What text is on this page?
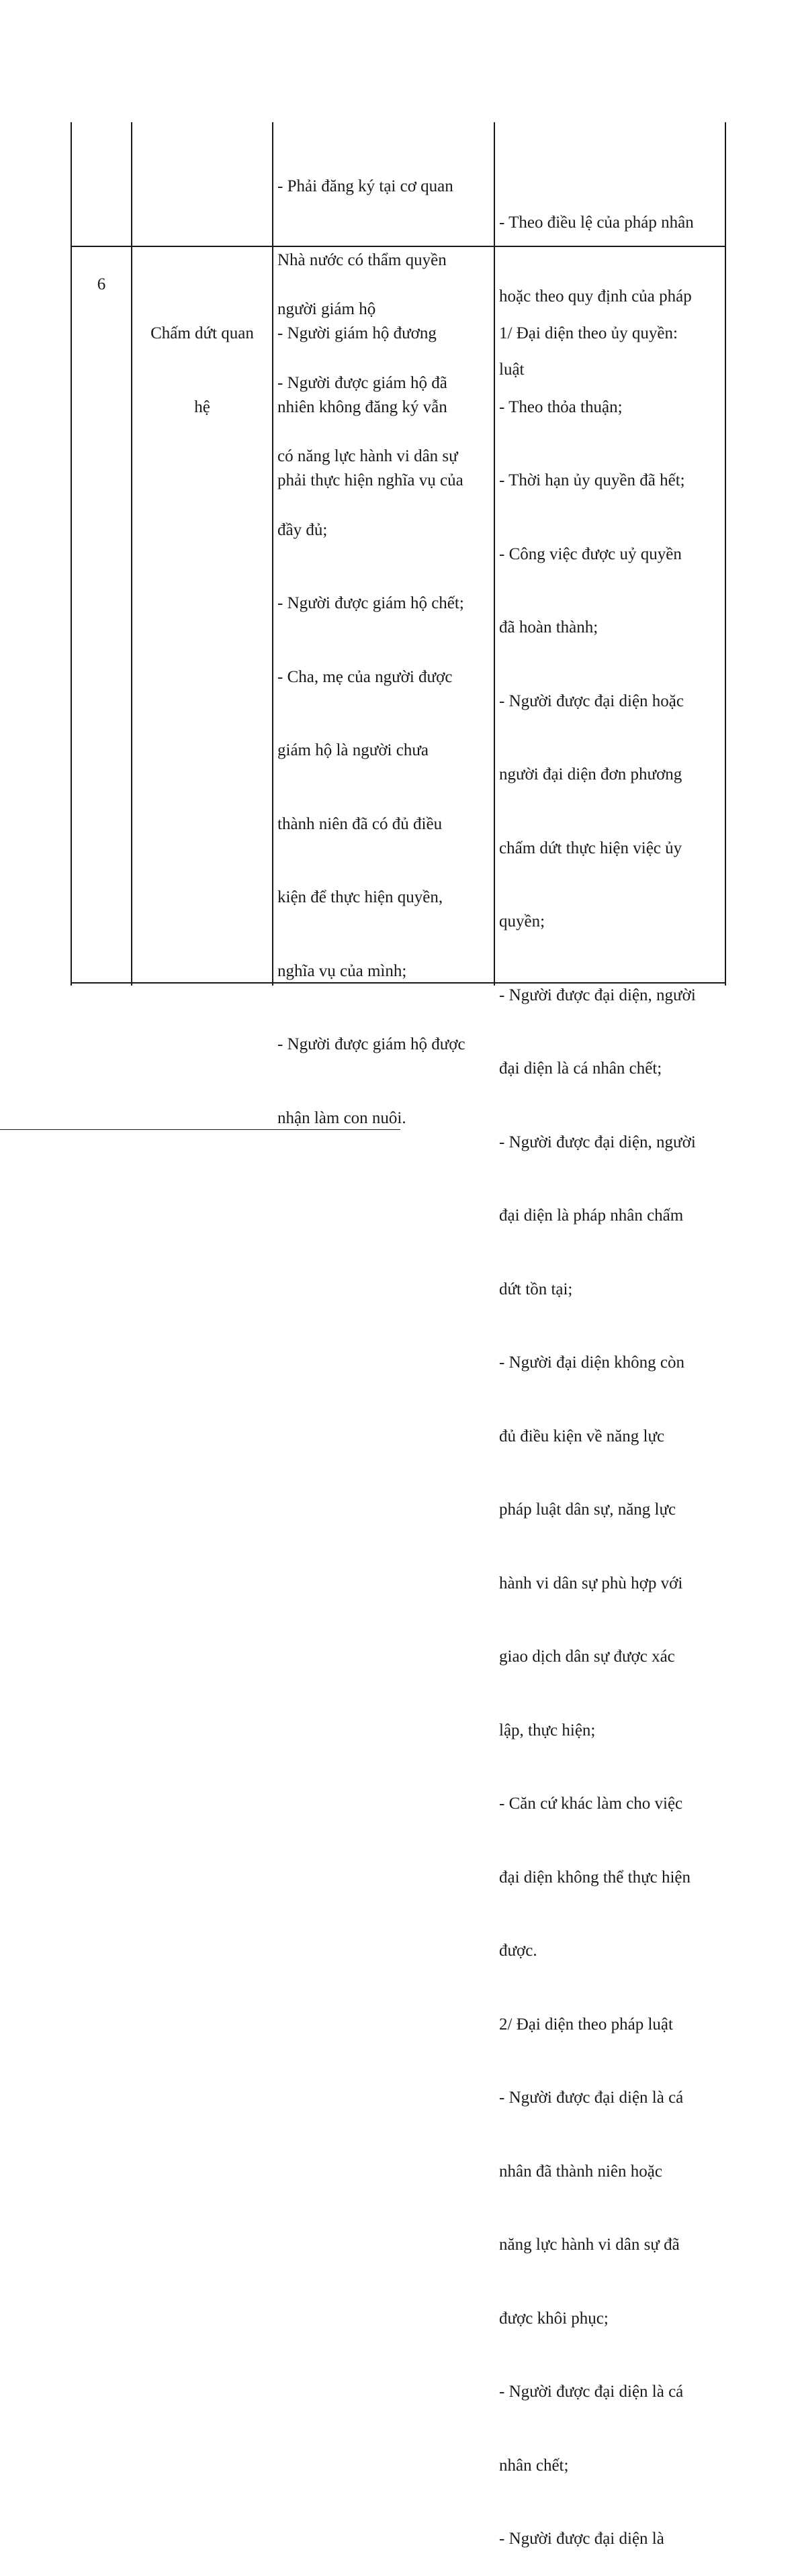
- Phải đăng ký tại cơ quan

Nhà nước có thẩm quyền

- Người giám hộ đương

nhiên không đăng ký vẫn

phải thực hiện nghĩa vụ của

- Theo điều lệ của pháp nhân

hoặc theo quy định của pháp

luật

6

Chấm dứt quan

hệ

người giám hộ

- Người được giám hộ đã

có năng lực hành vi dân sự

đầy đủ;

- Người được giám hộ chết;

- Cha, mẹ của người được

giám hộ là người chưa

thành niên đã có đủ điều

kiện để thực hiện quyền,

nghĩa vụ của mình;

- Người được giám hộ được

nhận làm con nuôi.

1/ Đại diện theo ủy quyền:

- Theo thỏa thuận;

- Thời hạn ủy quyền đã hết;

- Công việc được uỷ quyền

đã hoàn thành;

- Người được đại diện hoặc

người đại diện đơn phương

chấm dứt thực hiện việc ủy

quyền;

- Người được đại diện, người

đại diện là cá nhân chết;

- Người được đại diện, người

đại diện là pháp nhân chấm

dứt tồn tại;

- Người đại diện không còn

đủ điều kiện về năng lực

pháp luật dân sự, năng lực

hành vi dân sự phù hợp với

giao dịch dân sự được xác

lập, thực hiện;

- Căn cứ khác làm cho việc

đại diện không thể thực hiện

được.

2/ Đại diện theo pháp luật

- Người được đại diện là cá

nhân đã thành niên hoặc

năng lực hành vi dân sự đã

được khôi phục;

- Người được đại diện là cá

nhân chết;

- Người được đại diện là
